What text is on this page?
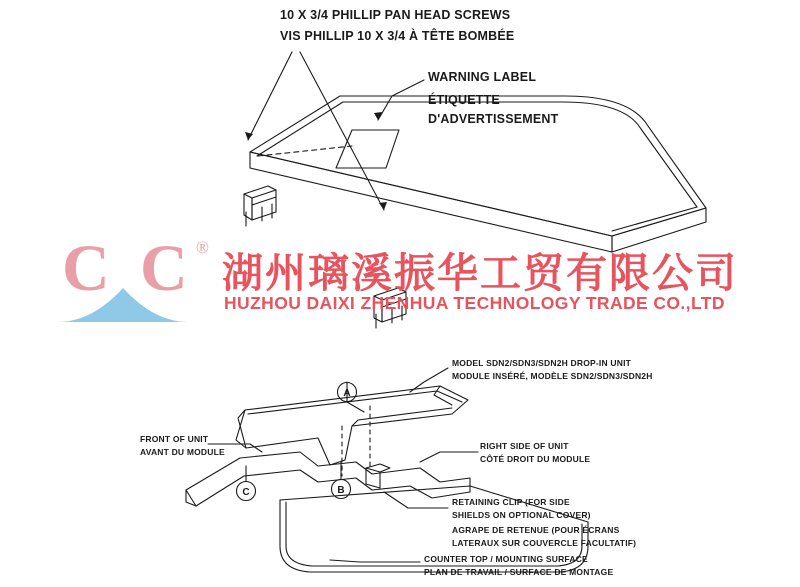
A
B
C
10 X 3/4 PHILLIP PAN HEAD SCREWS
VIS PHILLIP 10 X 3/4 À TÊTE BOMBÉE
WARNING LABEL
ÉTIQUETTE
D'ADVERTISSEMENT
C C ®
湖州璃溪振华工贸有限公司
HUZHOU DAIXI ZHENHUA TECHNOLOGY TRADE CO.,LTD
MODEL SDN2/SDN3/SDN2H DROP-IN UNIT
MODULE INSÉRÉ, MODÈLE SDN2/SDN3/SDN2H
FRONT OF UNIT
AVANT DU MODULE
RIGHT SIDE OF UNIT
CÔTÉ DROIT DU MODULE
RETAINING CLIP (FOR SIDE
SHIELDS ON OPTIONAL COVER)
AGRAPE DE RETENUE (POUR ÉCRANS
LATERAUX SUR COUVERCLE FACULTATIF)
COUNTER TOP / MOUNTING SURFACE
PLAN DE TRAVAIL / SURFACE DE MONTAGE
